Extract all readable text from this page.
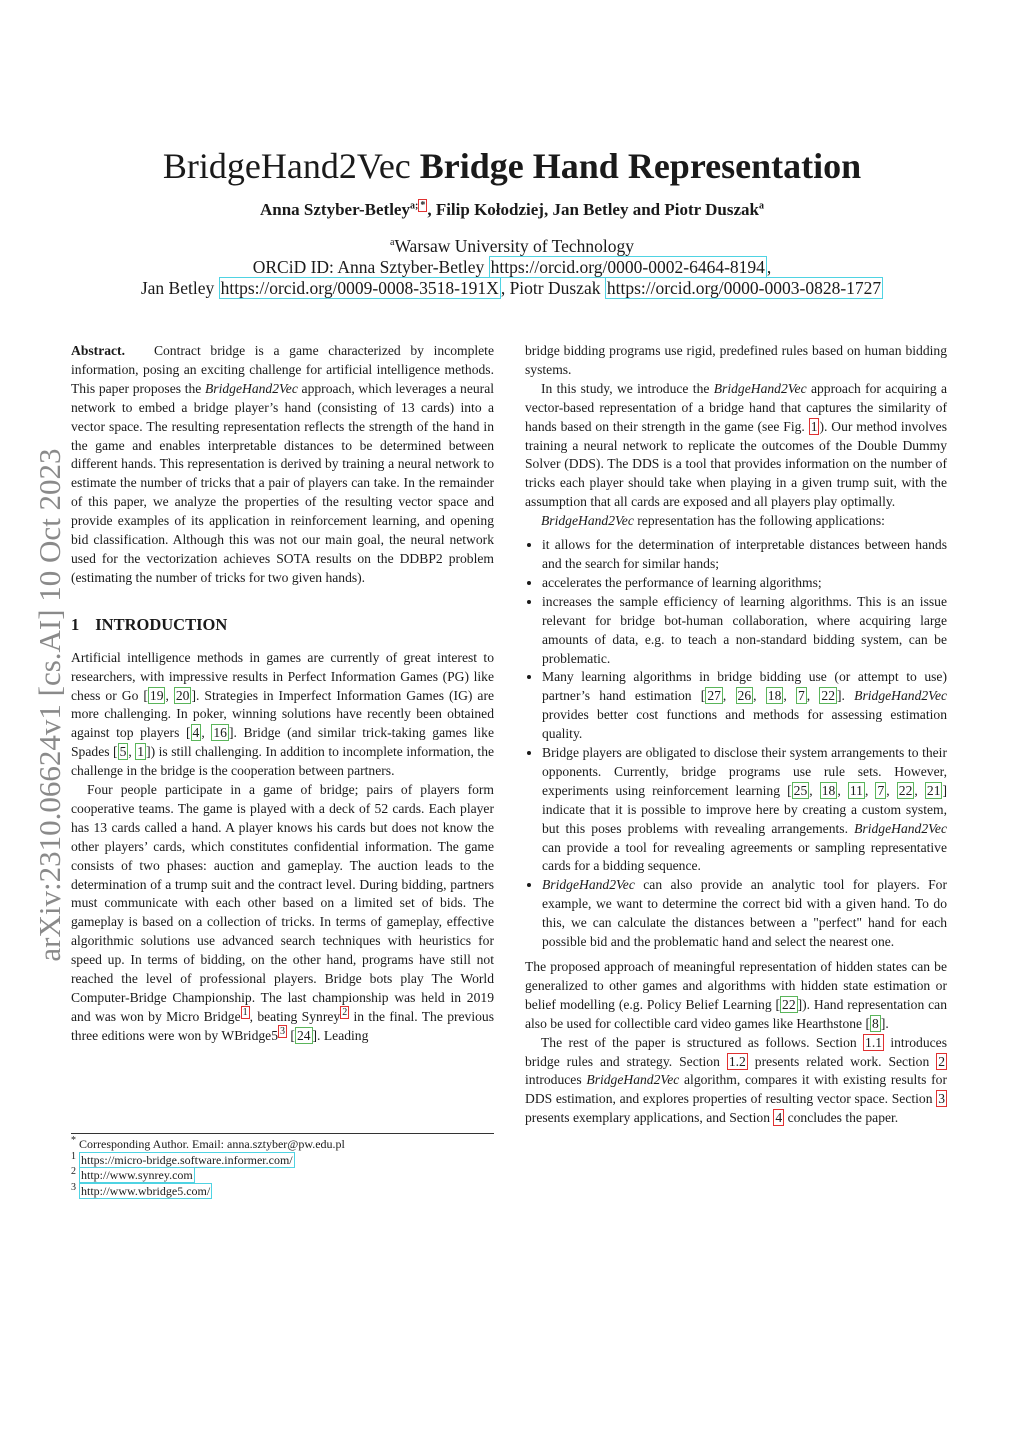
arXiv:2310.06624v1 [cs.AI] 10 Oct 2023
BridgeHand2Vec Bridge Hand Representation
Anna Sztyber-Betley$^{a;}$ * , Filip Kołodziej, Jan Betley and Piotr Duszak$^a$
$^a$Warsaw University of Technology
ORCiD ID: Anna Sztyber-Betley https://orcid.org/0000-0002-6464-8194 ,
Jan Betley https://orcid.org/0009-0008-3518-191X , Piotr Duszak https://orcid.org/0000-0003-0828-1727

Abstract. Contract bridge is a game characterized by incomplete information, posing an exciting challenge for artificial intelligence methods. This paper proposes the BridgeHand2Vec approach, which leverages a neural network to embed a bridge player’s hand (consisting of 13 cards) into a vector space. The resulting representation reflects the strength of the hand in the game and enables interpretable distances to be determined between different hands. This representation is derived by training a neural network to estimate the number of tricks that a pair of players can take. In the remainder of this paper, we analyze the properties of the resulting vector space and provide examples of its application in reinforcement learning, and opening bid classification. Although this was not our main goal, the neural network used for the vectorization achieves SOTA results on the DDBP2 problem (estimating the number of tricks for two given hands).

1 INTRODUCTION

Artificial intelligence methods in games are currently of great interest to researchers, with impressive results in Perfect Information Games (PG) like chess or Go [ 19 , 20 ]. Strategies in Imperfect Information Games (IG) are more challenging. In poker, winning solutions have recently been obtained against top players [ 4 , 16 ]. Bridge (and similar trick-taking games like Spades [ 5 , 1 ]) is still challenging. In addition to incomplete information, the challenge in the bridge is the cooperation between partners.

Four people participate in a game of bridge; pairs of players form cooperative teams. The game is played with a deck of 52 cards. Each player has 13 cards called a hand. A player knows his cards but does not know the other players’ cards, which constitutes confidential information. The game consists of two phases: auction and gameplay. The auction leads to the determination of a trump suit and the contract level. During bidding, partners must communicate with each other based on a limited set of bids. The gameplay is based on a collection of tricks. In terms of gameplay, effective algorithmic solutions use advanced search techniques with heuristics for speed up. In terms of bidding, on the other hand, programs have still not reached the level of professional players. Bridge bots play The World Computer-Bridge Championship. The last championship was held in 2019 and was won by Micro Bridge $^1$ , beating Synrey $^2$ in the final. The previous three editions were won by WBridge5 $^3$ [ 24 ]. Leading

* Corresponding Author. Email: anna.sztyber@pw.edu.pl
$^1$ https://micro-bridge.software.informer.com/
$^2$ http://www.synrey.com
$^3$ http://www.wbridge5.com/

bridge bidding programs use rigid, predefined rules based on human bidding systems.

In this study, we introduce the BridgeHand2Vec approach for acquiring a vector-based representation of a bridge hand that captures the similarity of hands based on their strength in the game (see Fig. 1 ). Our method involves training a neural network to replicate the outcomes of the Double Dummy Solver (DDS). The DDS is a tool that provides information on the number of tricks each player should take when playing in a given trump suit, with the assumption that all cards are exposed and all players play optimally.

BridgeHand2Vec representation has the following applications:

• it allows for the determination of interpretable distances between hands and the search for similar hands;
• accelerates the performance of learning algorithms;
• increases the sample efficiency of learning algorithms. This is an issue relevant for bridge bot-human collaboration, where acquiring large amounts of data, e.g. to teach a non-standard bidding system, can be problematic.
• Many learning algorithms in bridge bidding use (or attempt to use) partner’s hand estimation [ 27 , 26 , 18 , 7 , 22 ]. BridgeHand2Vec provides better cost functions and methods for assessing estimation quality.
• Bridge players are obligated to disclose their system arrangements to their opponents. Currently, bridge programs use rule sets. However, experiments using reinforcement learning [ 25 , 18 , 11 , 7 , 22 , 21 ] indicate that it is possible to improve here by creating a custom system, but this poses problems with revealing arrangements. BridgeHand2Vec can provide a tool for revealing agreements or sampling representative cards for a bidding sequence.
• BridgeHand2Vec can also provide an analytic tool for players. For example, we want to determine the correct bid with a given hand. To do this, we can calculate the distances between a "perfect" hand for each possible bid and the problematic hand and select the nearest one.

The proposed approach of meaningful representation of hidden states can be generalized to other games and algorithms with hidden state estimation or belief modelling (e.g. Policy Belief Learning [ 22 ]). Hand representation can also be used for collectible card video games like Hearthstone [ 8 ].

The rest of the paper is structured as follows. Section 1.1 introduces bridge rules and strategy. Section 1.2 presents related work. Section 2 introduces BridgeHand2Vec algorithm, compares it with existing results for DDS estimation, and explores properties of resulting vector space. Section 3 presents exemplary applications, and Section 4 concludes the paper.
